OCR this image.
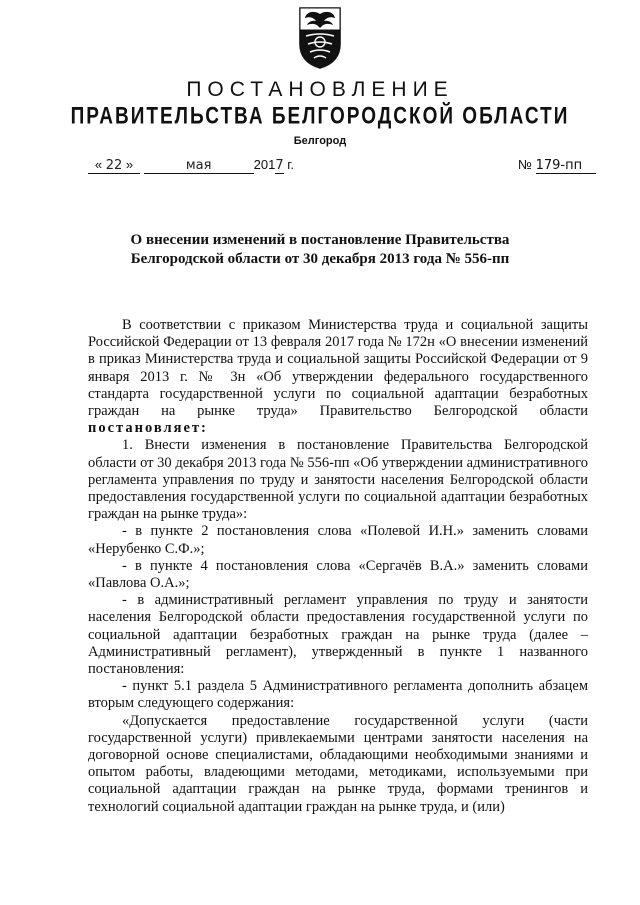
ПОСТАНОВЛЕНИЕ
ПРАВИТЕЛЬСТВА БЕЛГОРОДСКОЙ ОБЛАСТИ
Белгород
« 22 »	мая	2017 г.	№ 179-пп
О внесении изменений в постановление Правительства
Белгородской области от 30 декабря 2013 года № 556-пп

В соответствии с приказом Министерства труда и социальной защиты Российской Федерации от 13 февраля 2017 года № 172н «О внесении изменений в приказ Министерства труда и социальной защиты Российской Федерации от 9 января 2013 г. № 3н «Об утверждении федерального государственного стандарта государственной услуги по социальной адаптации безработных граждан на рынке труда» Правительство Белгородской области постановляет:

1. Внести изменения в постановление Правительства Белгородской области от 30 декабря 2013 года № 556-пп «Об утверждении административного регламента управления по труду и занятости населения Белгородской области предоставления государственной услуги по социальной адаптации безработных граждан на рынке труда»:

- в пункте 2 постановления слова «Полевой И.Н.» заменить словами «Нерубенко С.Ф.»;

- в пункте 4 постановления слова «Сергачёв В.А.» заменить словами «Павлова О.А.»;

- в административный регламент управления по труду и занятости населения Белгородской области предоставления государственной услуги по социальной адаптации безработных граждан на рынке труда (далее – Административный регламент), утвержденный в пункте 1 названного постановления:

- пункт 5.1 раздела 5 Административного регламента дополнить абзацем вторым следующего содержания:

«Допускается предоставление государственной услуги (части государственной услуги) привлекаемыми центрами занятости населения на договорной основе специалистами, обладающими необходимыми знаниями и опытом работы, владеющими методами, методиками, используемыми при социальной адаптации граждан на рынке труда, формами тренингов и технологий социальной адаптации граждан на рынке труда, и (или)
